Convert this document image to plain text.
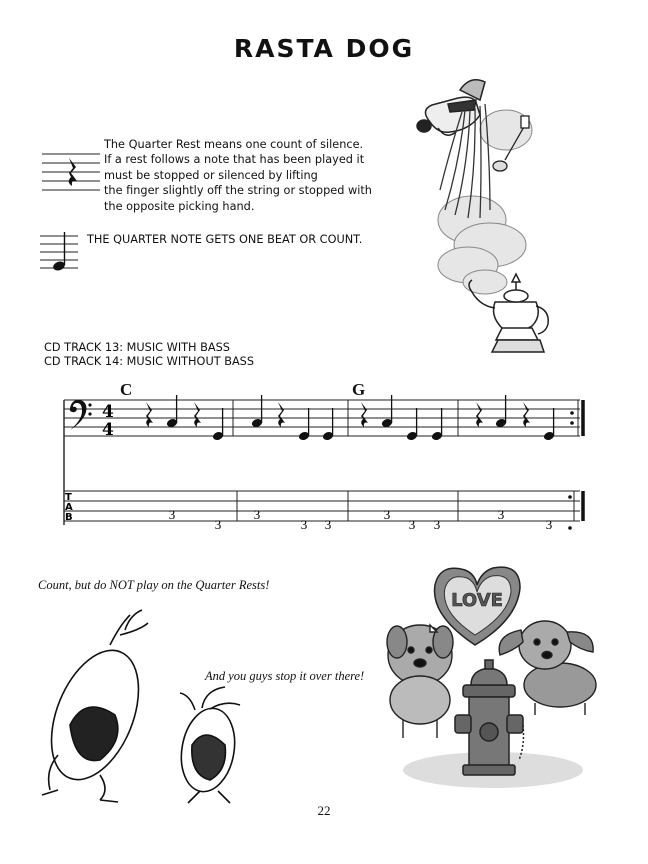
RASTA DOG
The Quarter Rest means one count of silence.
If a rest follows a note that has been played it
must be stopped or silenced by lifting
the finger slightly off the string or stopped with
the opposite picking hand.
THE QUARTER NOTE GETS ONE BEAT OR COUNT.
CD TRACK 13: MUSIC WITH BASS
CD TRACK 14: MUSIC WITHOUT BASS
C	G
4
4
T
A
B	3
3
3
3 3
3
3 3
3
3
Count, but do NOT play on the Quarter Rests!
And you guys stop it over there!
LOVE
22
